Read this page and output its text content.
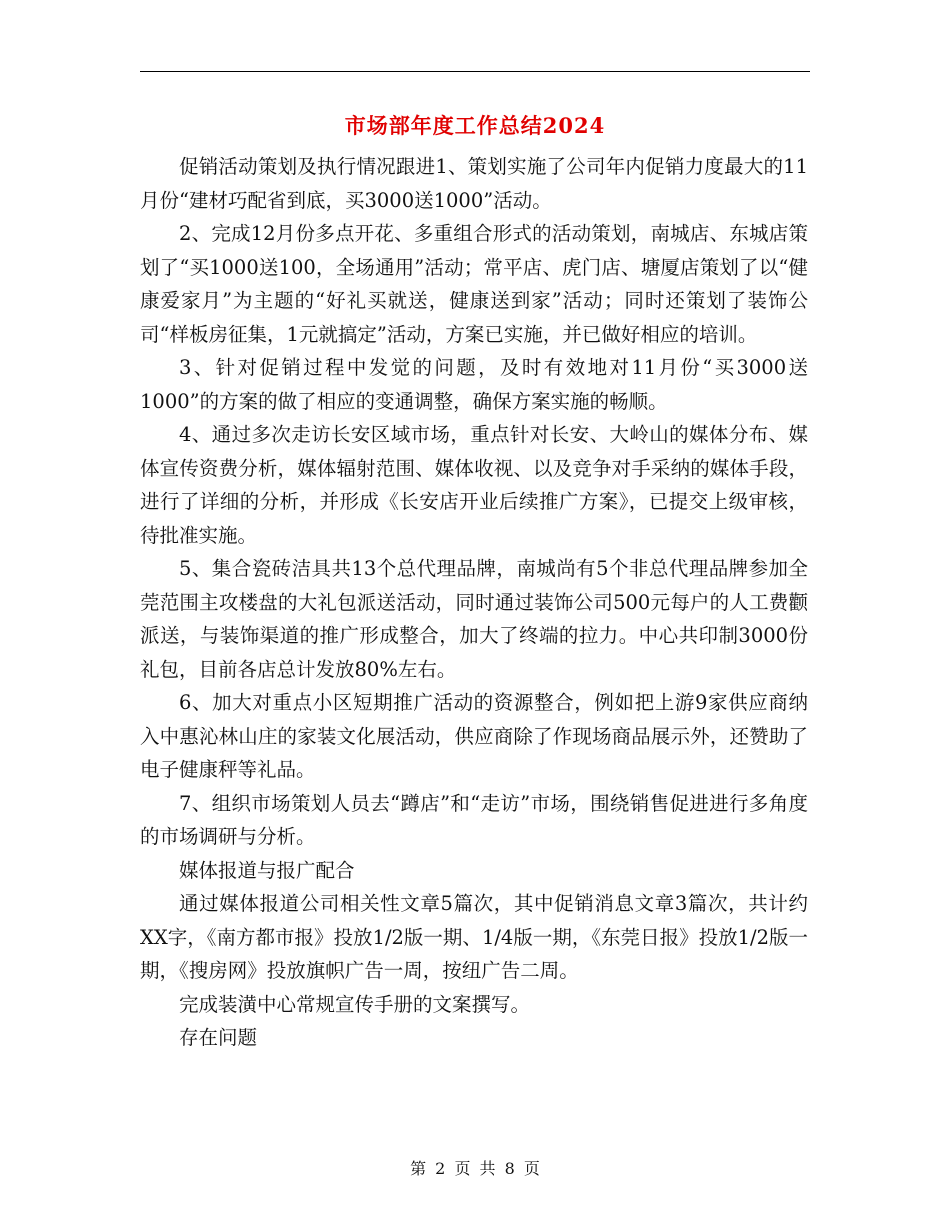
市场部年度工作总结2024

促销活动策划及执行情况跟进1、策划实施了公司年内促销力度最大的11月份“建材巧配省到底，买3000送1000”活动。

2、完成12月份多点开花、多重组合形式的活动策划，南城店、东城店策划了“买1000送100，全场通用”活动；常平店、虎门店、塘厦店策划了以“健康爱家月”为主题的“好礼买就送，健康送到家”活动；同时还策划了装饰公司“样板房征集，1元就搞定”活动，方案已实施，并已做好相应的培训。

3、针对促销过程中发觉的问题，及时有效地对11月份“买3000送1000”的方案的做了相应的变通调整，确保方案实施的畅顺。

4、通过多次走访长安区域市场，重点针对长安、大岭山的媒体分布、媒体宣传资费分析，媒体辐射范围、媒体收视、以及竞争对手采纳的媒体手段，进行了详细的分析，并形成《长安店开业后续推广方案》，已提交上级审核，待批准实施。

5、集合瓷砖洁具共13个总代理品牌，南城尚有5个非总代理品牌参加全莞范围主攻楼盘的大礼包派送活动，同时通过装饰公司500元每户的人工费颧派送，与装饰渠道的推广形成整合，加大了终端的拉力。中心共印制3000份礼包，目前各店总计发放80%左右。

6、加大对重点小区短期推广活动的资源整合，例如把上游9家供应商纳入中惠沁林山庄的家装文化展活动，供应商除了作现场商品展示外，还赞助了电子健康秤等礼品。

7、组织市场策划人员去“蹲店”和“走访”市场，围绕销售促进进行多角度的市场调研与分析。

媒体报道与报广配合

通过媒体报道公司相关性文章5篇次，其中促销消息文章3篇次，共计约XX字，《南方都市报》投放1/2版一期、1/4版一期，《东莞日报》投放1/2版一期，《搜房网》投放旗帜广告一周，按纽广告二周。

完成装潢中心常规宣传手册的文案撰写。

存在问题

第 2 页 共 8 页
